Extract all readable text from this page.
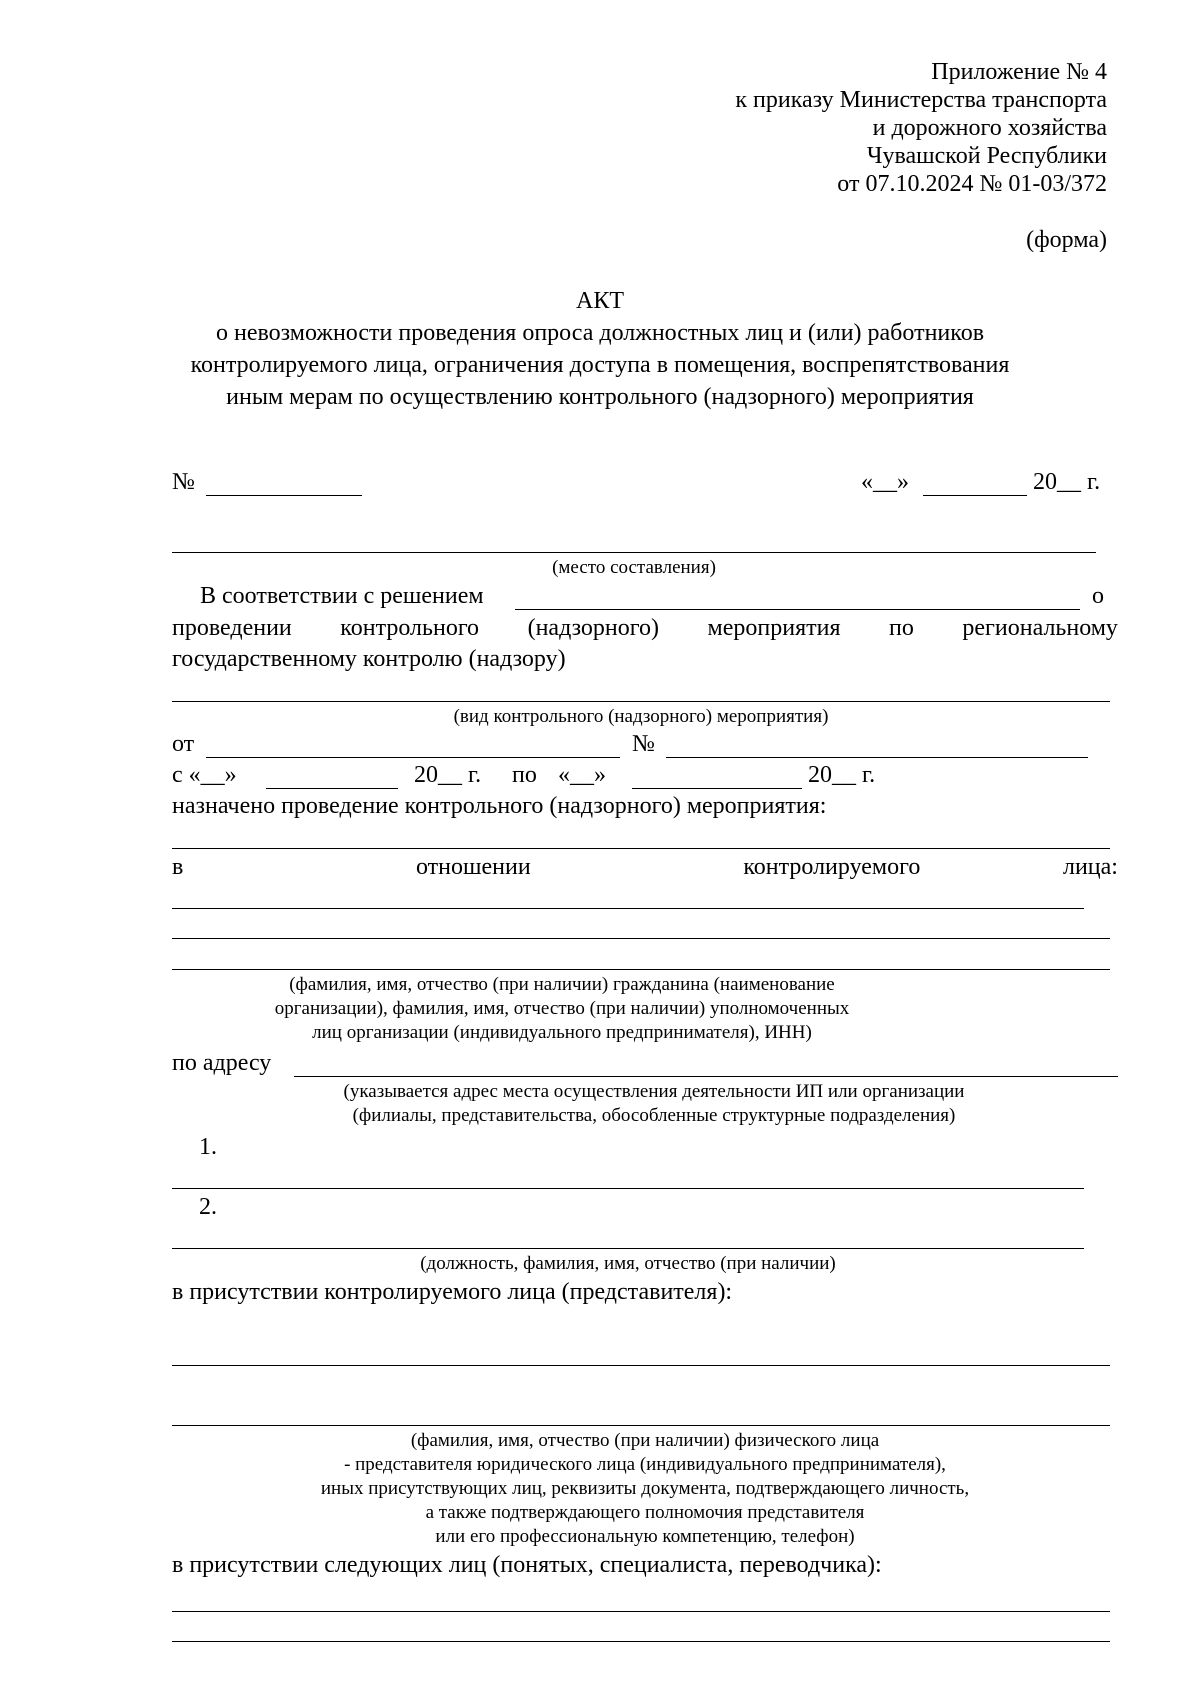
Приложение № 4
к приказу Министерства транспорта
и дорожного хозяйства
Чувашской Республики
от 07.10.2024 № 01-03/372
(форма)
АКТ
о невозможности проведения опроса должностных лиц и (или) работников
контролируемого лица, ограничения доступа в помещения, воспрепятствования
иным мерам по осуществлению контрольного (надзорного) мероприятия
№	«__»	20__ г.
(место составления)
В соответствии с решением	о
проведении контрольного (надзорного) мероприятия по региональному
государственному контролю (надзору)
(вид контрольного (надзорного) мероприятия)
от	№
с «__»	20__ г. по «__»	20__ г.
назначено проведение контрольного (надзорного) мероприятия:
в	отношении	контролируемого	лица:
(фамилия, имя, отчество (при наличии) гражданина (наименование
организации), фамилия, имя, отчество (при наличии) уполномоченных
лиц организации (индивидуального предпринимателя), ИНН)
по адресу
(указывается адрес места осуществления деятельности ИП или организации
(филиалы, представительства, обособленные структурные подразделения)
1.
2.
(должность, фамилия, имя, отчество (при наличии)
в присутствии контролируемого лица (представителя):
(фамилия, имя, отчество (при наличии) физического лица
- представителя юридического лица (индивидуального предпринимателя),
иных присутствующих лиц, реквизиты документа, подтверждающего личность,
а также подтверждающего полномочия представителя
или его профессиональную компетенцию, телефон)
в присутствии следующих лиц (понятых, специалиста, переводчика):
